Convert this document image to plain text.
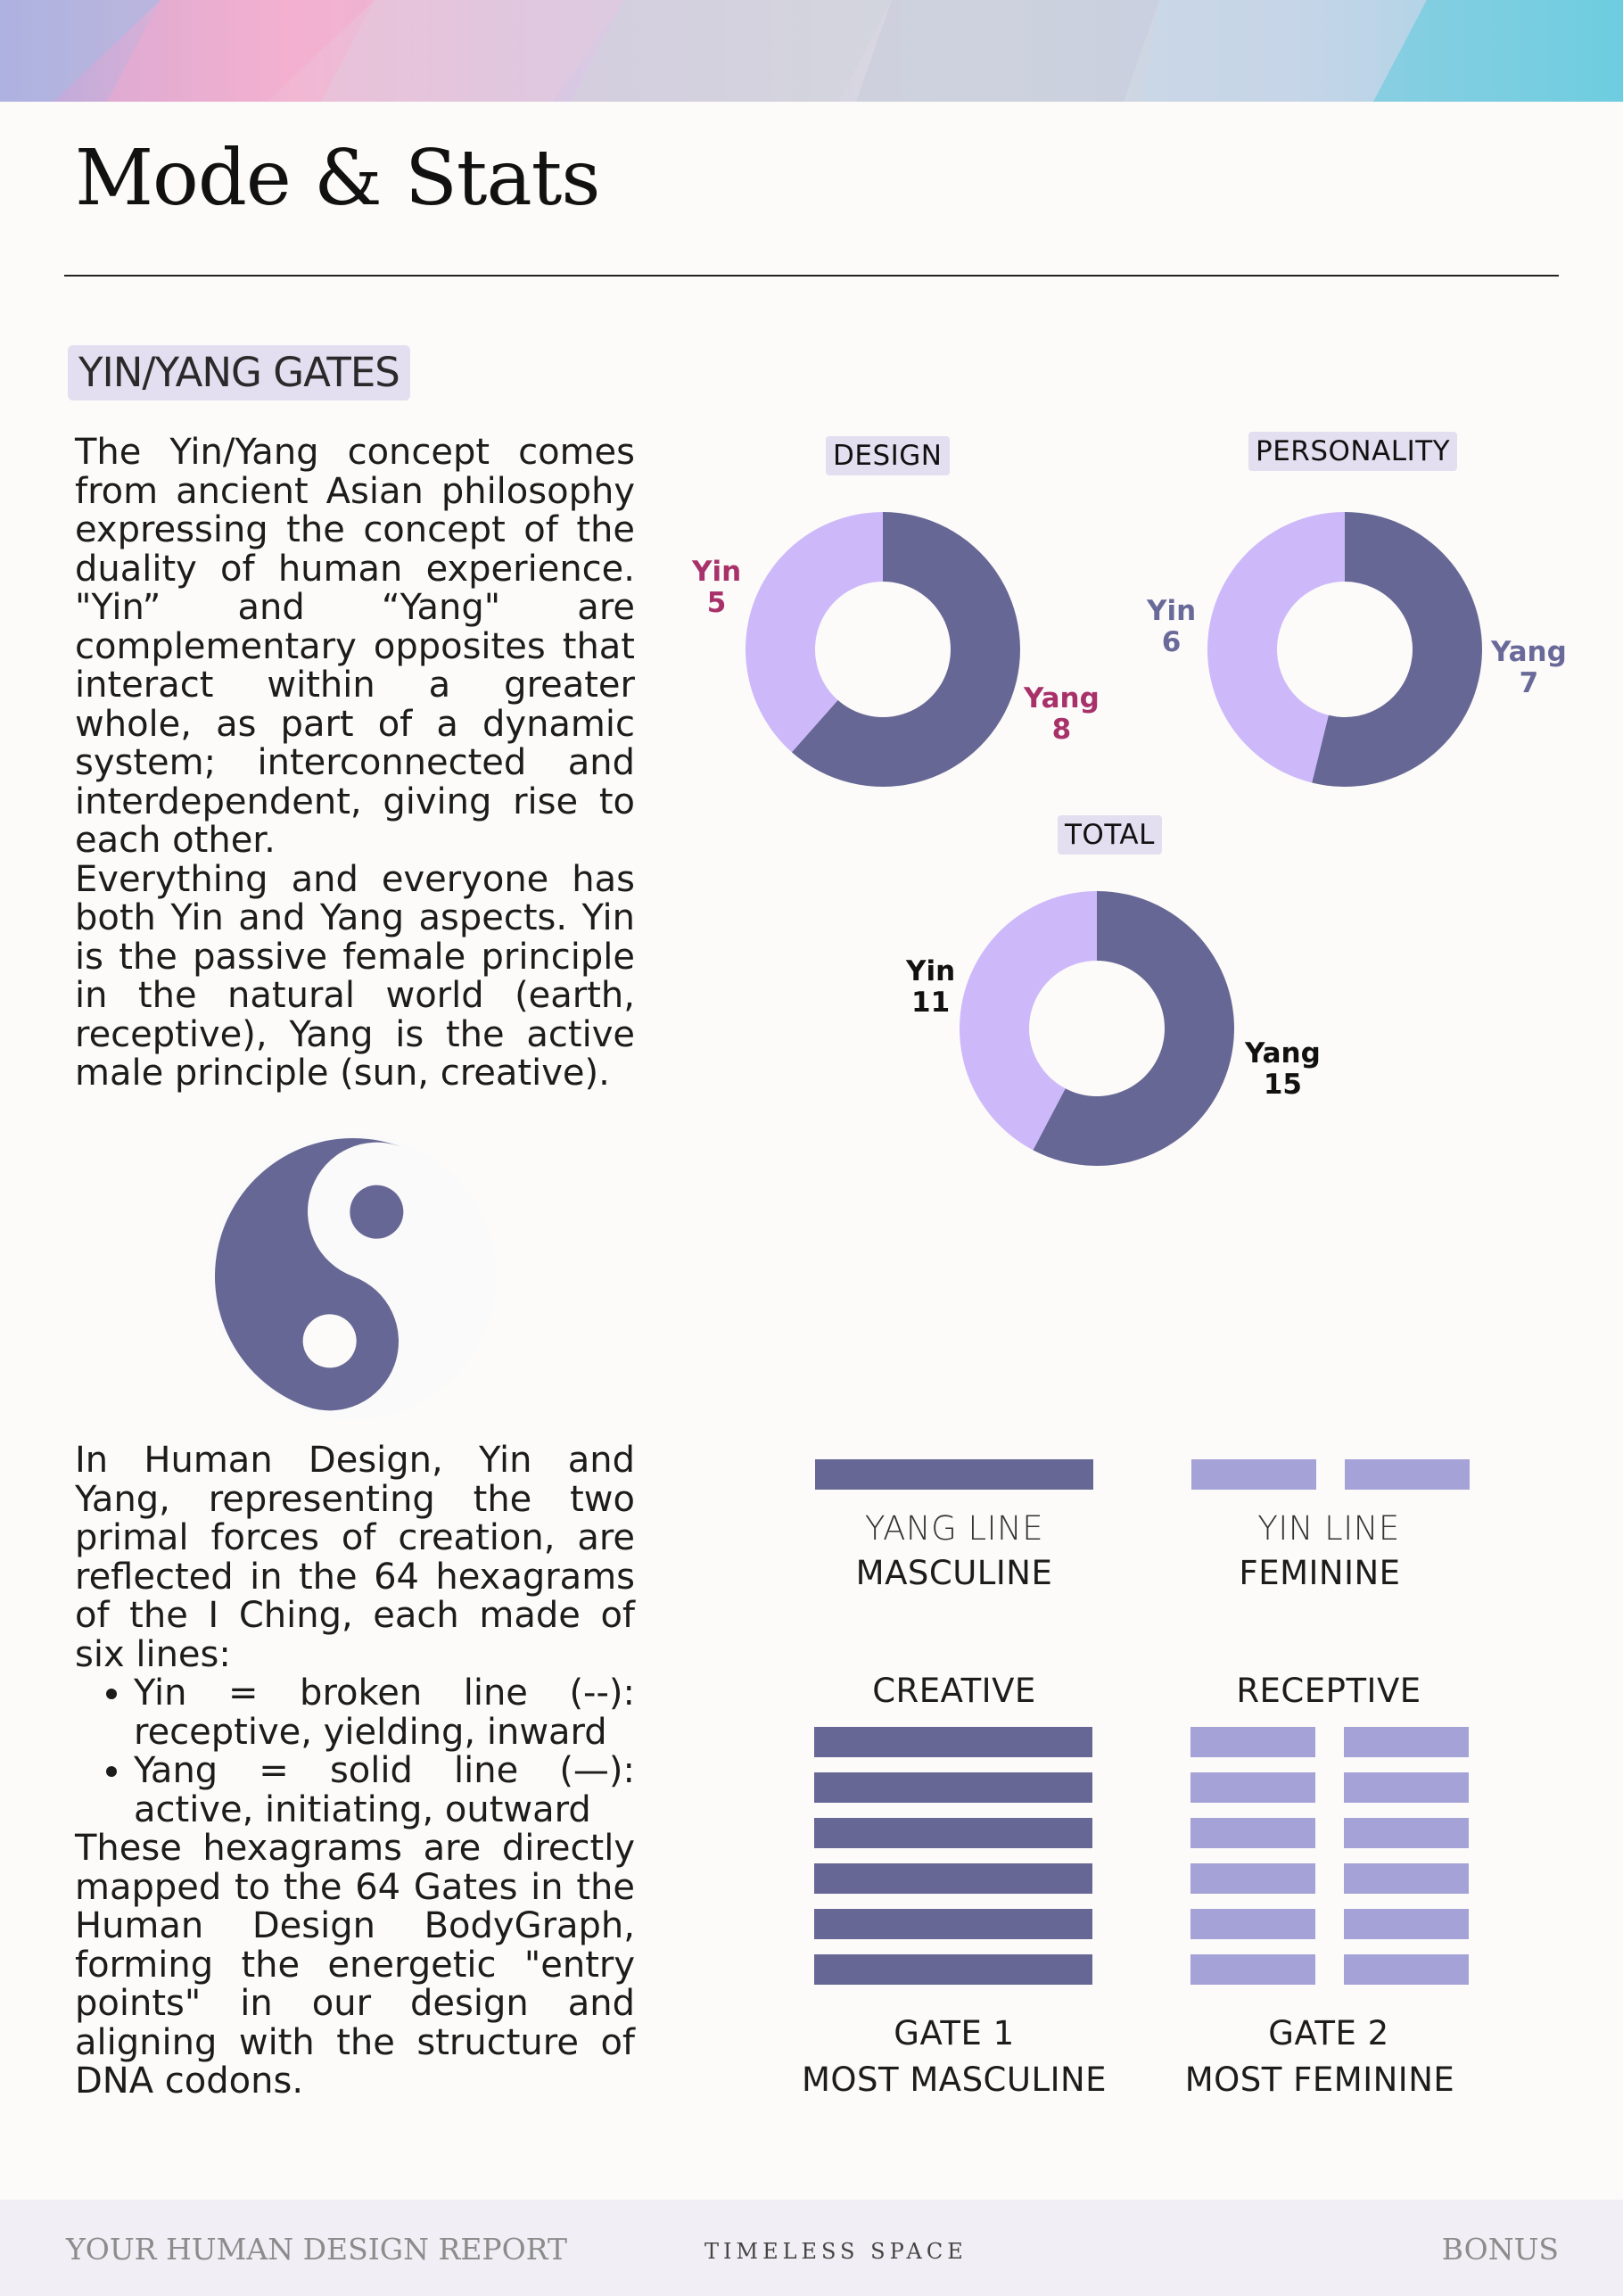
Mode & Stats
YIN/YANG GATES

The Yin/Yang concept comes from ancient Asian philosophy expressing the concept of the duality of human experience. "Yin” and “Yang" are complementary opposites that interact within a greater whole, as part of a dynamic system; interconnected and interdependent, giving rise to each other.

Everything and everyone has both Yin and Yang aspects. Yin is the passive female principle in the natural world (earth, receptive), Yang is the active male principle (sun, creative).

In Human Design, Yin and Yang, representing the two primal forces of creation, are reflected in the 64 hexagrams of the I Ching, each made of six lines:

• Yin = broken line (--): receptive, yielding, inward
• Yang = solid line (—): active, initiating, outward

These hexagrams are directly mapped to the 64 Gates in the Human Design BodyGraph, forming the energetic "entry points" in our design and aligning with the structure of DNA codons.

DESIGN	PERSONALITY
TOTAL
Yin
5
Yang
8
Yin
6	Yang
7
Yin
11
Yang
15
YANG LINE
MASCULINE
YIN LINE
FEMININE
CREATIVE	RECEPTIVE
GATE 1
MOST MASCULINE
GATE 2
MOST FEMININE
YOUR HUMAN DESIGN REPORT	TIMELESS SPACE	BONUS
